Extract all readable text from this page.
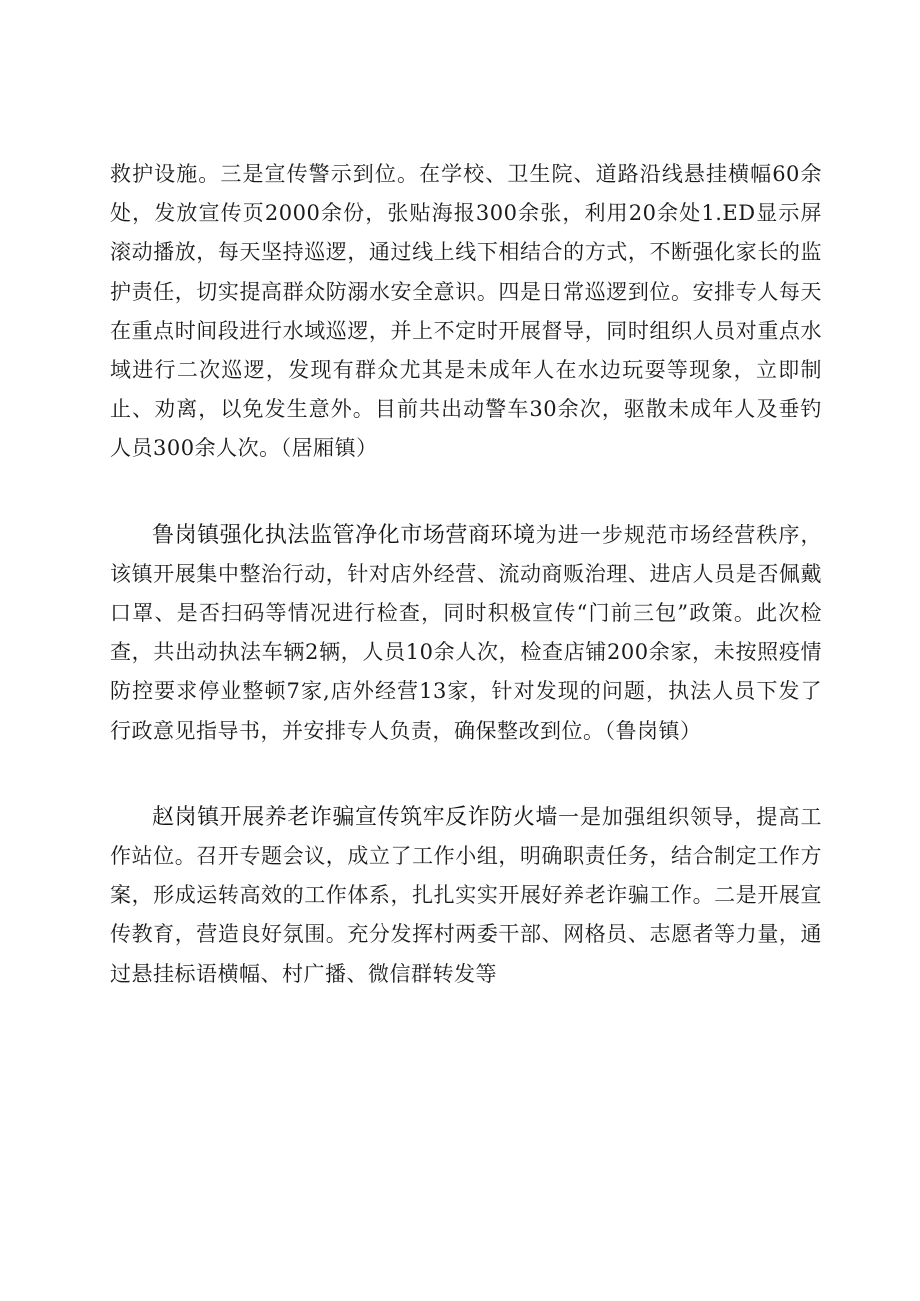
救护设施。三是宣传警示到位。在学校、卫生院、道路沿线悬挂横幅60余处，发放宣传页2000余份，张贴海报300余张，利用20余处1.ED显示屏滚动播放，每天坚持巡逻，通过线上线下相结合的方式，不断强化家长的监护责任，切实提高群众防溺水安全意识。四是日常巡逻到位。安排专人每天在重点时间段进行水域巡逻，并上不定时开展督导，同时组织人员对重点水域进行二次巡逻，发现有群众尤其是未成年人在水边玩耍等现象，立即制止、劝离，以免发生意外。目前共出动警车30余次，驱散未成年人及垂钓人员300余人次。（居厢镇）

鲁岗镇强化执法监管净化市场营商环境为进一步规范市场经营秩序，该镇开展集中整治行动，针对店外经营、流动商贩治理、进店人员是否佩戴口罩、是否扫码等情况进行检查，同时积极宣传“门前三包”政策。此次检查，共出动执法车辆2辆，人员10余人次，检查店铺200余家，未按照疫情防控要求停业整顿7家,店外经营13家，针对发现的问题，执法人员下发了行政意见指导书，并安排专人负责，确保整改到位。（鲁岗镇）

赵岗镇开展养老诈骗宣传筑牢反诈防火墙一是加强组织领导，提高工作站位。召开专题会议，成立了工作小组，明确职责任务，结合制定工作方案，形成运转高效的工作体系，扎扎实实开展好养老诈骗工作。二是开展宣传教育，营造良好氛围。充分发挥村两委干部、网格员、志愿者等力量，通过悬挂标语横幅、村广播、微信群转发等
